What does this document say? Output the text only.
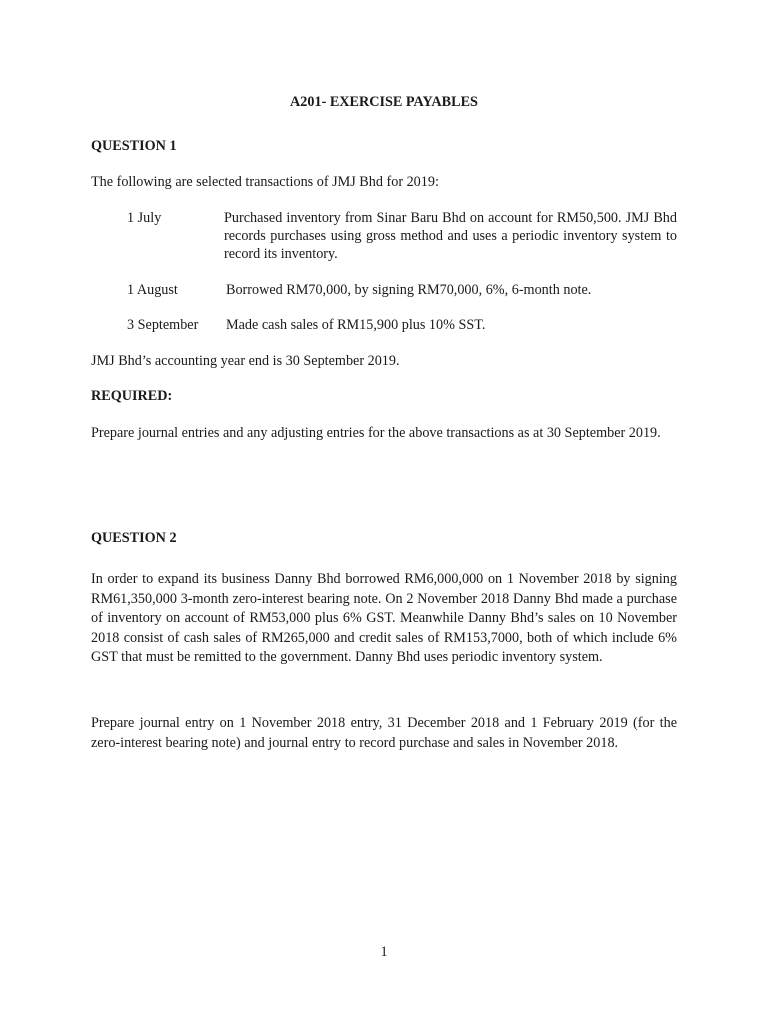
A201- EXERCISE PAYABLES
QUESTION 1
The following are selected transactions of JMJ Bhd for 2019:
1 July	Purchased inventory from Sinar Baru Bhd on account for RM50,500. JMJ Bhd records purchases using gross method and uses a periodic inventory system to record its inventory.
1 August	Borrowed RM70,000, by signing RM70,000, 6%, 6-month note.
3 September Made cash sales of RM15,900 plus 10% SST.
JMJ Bhd’s accounting year end is 30 September 2019.
REQUIRED:
Prepare journal entries and any adjusting entries for the above transactions as at 30 September 2019.
QUESTION 2
In order to expand its business Danny Bhd borrowed RM6,000,000 on 1 November 2018 by signing RM61,350,000 3-month zero-interest bearing note. On 2 November 2018 Danny Bhd made a purchase of inventory on account of RM53,000 plus 6% GST. Meanwhile Danny Bhd’s sales on 10 November 2018 consist of cash sales of RM265,000 and credit sales of RM153,7000, both of which include 6% GST that must be remitted to the government. Danny Bhd uses periodic inventory system.
Prepare journal entry on 1 November 2018 entry, 31 December 2018 and 1 February 2019 (for the zero-interest bearing note) and journal entry to record purchase and sales in November 2018.
1
